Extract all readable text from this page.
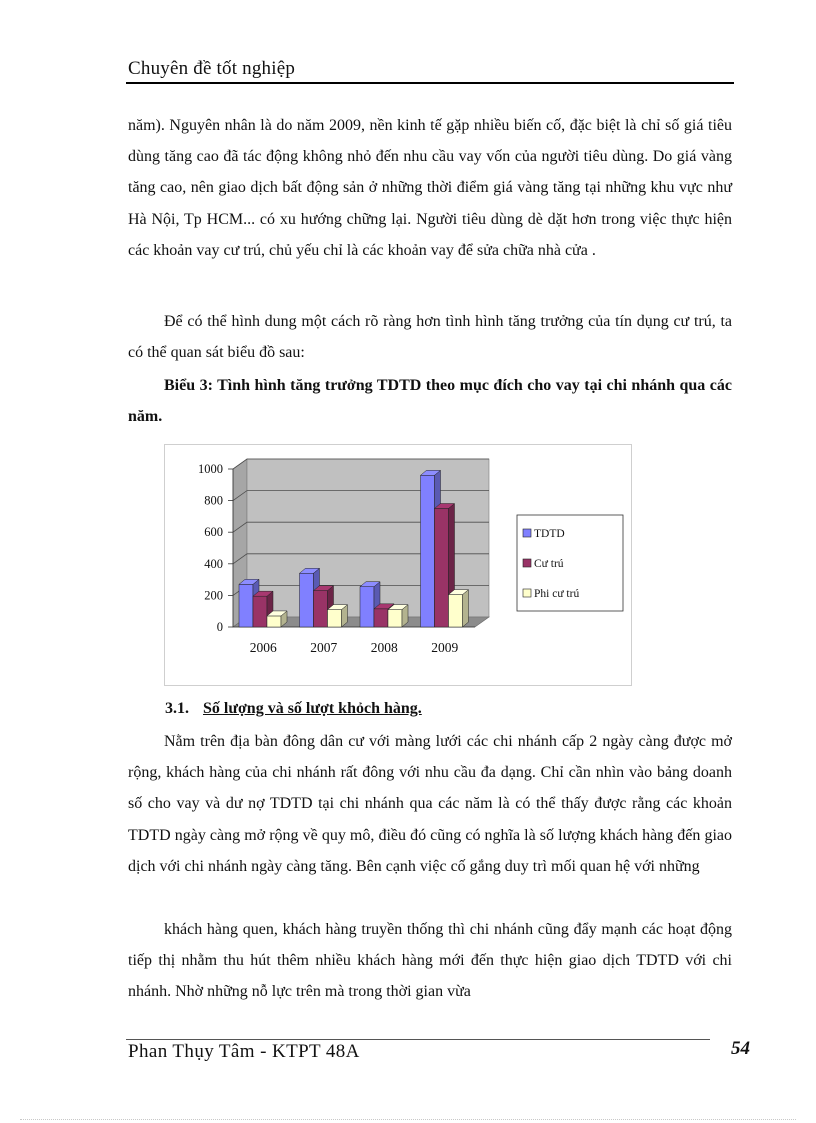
Chuyên đề tốt nghiệp

năm). Nguyên nhân là do năm 2009, nền kinh tế gặp nhiều biến cố, đặc biệt là chỉ số giá tiêu dùng tăng cao đã tác động không nhỏ đến nhu cầu vay vốn của người tiêu dùng. Do giá vàng tăng cao, nên giao dịch bất động sản ở những thời điểm giá vàng tăng tại những khu vực như Hà Nội, Tp HCM... có xu hướng chững lại. Người tiêu dùng dè dặt hơn trong việc thực hiện các khoản vay cư trú, chủ yếu chỉ là các khoản vay để sửa chữa nhà cửa .

Để có thể hình dung một cách rõ ràng hơn tình hình tăng trưởng của tín dụng cư trú, ta có thể quan sát biểu đồ sau:

Biểu 3: Tình hình tăng trưởng TDTD theo mục đích cho vay tại chi nhánh qua các năm.

0
200
400
600
800
1000
2006 2007 2008 2009
TDTD
Cư trú
Phi cư trú
3.1. Số lượng và số lượt khỏch hàng.

Nằm trên địa bàn đông dân cư với màng lưới các chi nhánh cấp 2 ngày càng được mở rộng, khách hàng của chi nhánh rất đông với nhu cầu đa dạng. Chỉ cần nhìn vào bảng doanh số cho vay và dư nợ TDTD tại chi nhánh qua các năm là có thể thấy được rằng các khoản TDTD ngày càng mở rộng về quy mô, điều đó cũng có nghĩa là số lượng khách hàng đến giao dịch với chi nhánh ngày càng tăng. Bên cạnh việc cố gắng duy trì mối quan hệ với những

khách hàng quen, khách hàng truyền thống thì chi nhánh cũng đẩy mạnh các hoạt động tiếp thị nhằm thu hút thêm nhiều khách hàng mới đến thực hiện giao dịch TDTD với chi nhánh. Nhờ những nỗ lực trên mà trong thời gian vừa

Phan Thụy Tâm - KTPT 48A	54
